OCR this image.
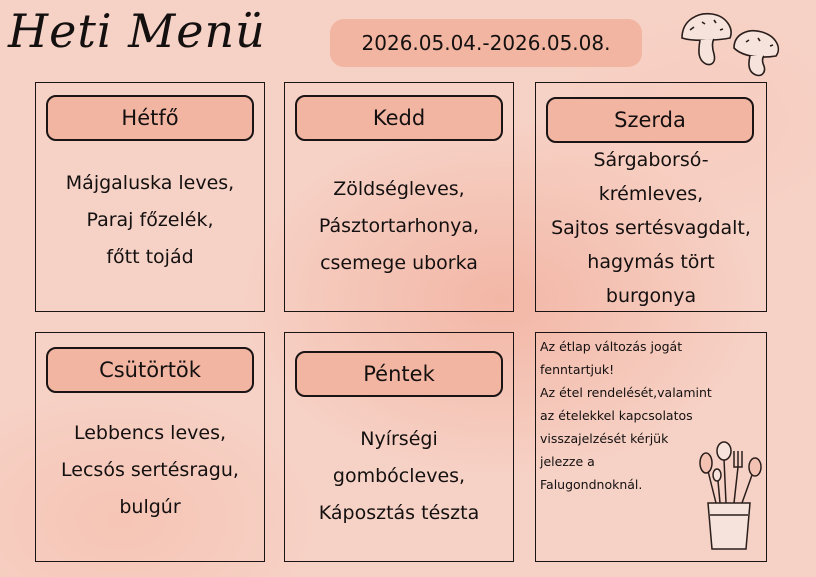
Heti Menü	2026.05.04.-2026.05.08.
Hétfő
Májgaluska leves,
Paraj főzelék,
főtt tojád
Kedd
Zöldségleves,
Pásztortarhonya,
csemege uborka
Szerda
Sárgaborsó-
krémleves,
Sajtos sertésvagdalt,
hagymás tört
burgonya
Csütörtök
Lebbencs leves,
Lecsós sertésragu,
bulgúr
Péntek
Nyírségi
gombócleves,
Káposztás tészta
Az étlap változás jogát
fenntartjuk!
Az étel rendelését,valamint
az ételekkel kapcsolatos
visszajelzését kérjük
jelezze a
Falugondnoknál.
